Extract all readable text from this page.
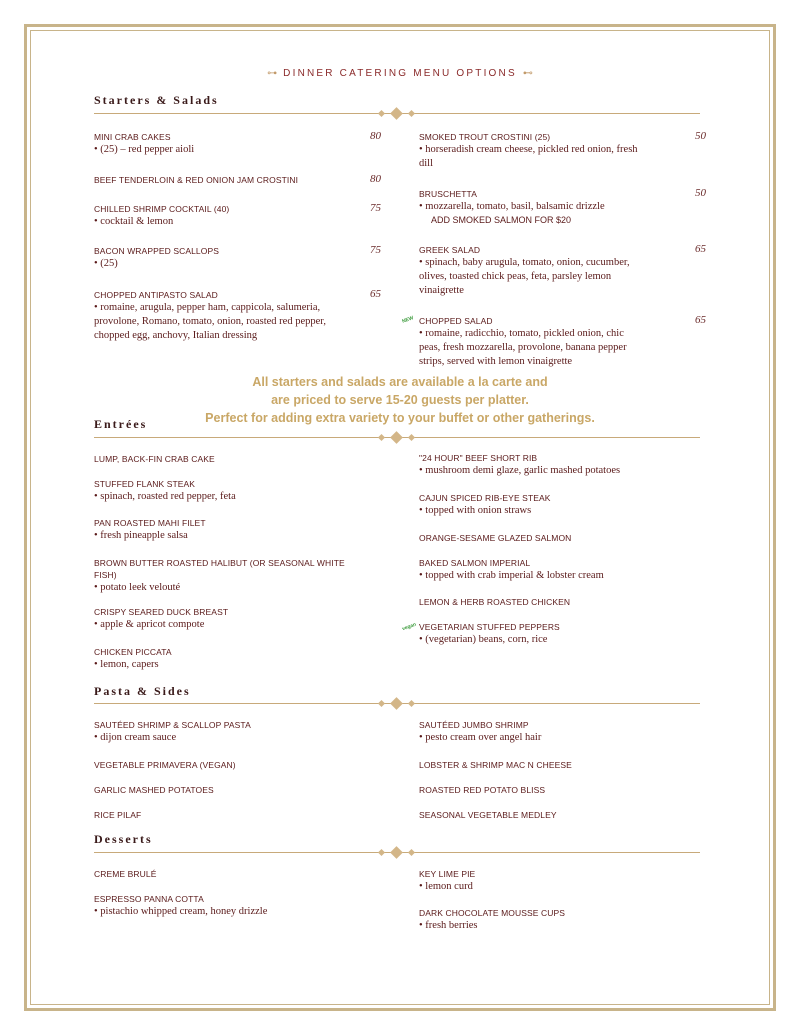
⊶ DINNER CATERING MENU OPTIONS ⊷
Starters & Salads
MINI CRAB CAKES
• (25) – red pepper aioli
80
BEEF TENDERLOIN & RED ONION JAM CROSTINI	80
CHILLED SHRIMP COCKTAIL (40)
• cocktail & lemon
75
BACON WRAPPED SCALLOPS
• (25)
75
CHOPPED ANTIPASTO SALAD
• romaine, arugula, pepper ham, cappicola, salumeria, provolone, Romano, tomato, onion, roasted red pepper, chopped egg, anchovy, Italian dressing
65
SMOKED TROUT CROSTINI (25)
• horseradish cream cheese, pickled red onion, fresh dill
50
BRUSCHETTA
• mozzarella, tomato, basil, balsamic drizzle
ADD SMOKED SALMON FOR $20
50
GREEK SALAD
• spinach, baby arugula, tomato, onion, cucumber, olives, toasted chick peas, feta, parsley lemon vinaigrette
65
NEW CHOPPED SALAD
• romaine, radicchio, tomato, pickled onion, chic peas, fresh mozzarella, provolone, banana pepper strips, served with lemon vinaigrette
65
All starters and salads are available a la carte and
are priced to serve 15-20 guests per platter.
Perfect for adding extra variety to your buffet or other gatherings.
Entrées
LUMP, BACK-FIN CRAB CAKE
STUFFED FLANK STEAK
• spinach, roasted red pepper, feta
PAN ROASTED MAHI FILET
• fresh pineapple salsa
BROWN BUTTER ROASTED HALIBUT (OR SEASONAL WHITE FISH)
• potato leek velouté
CRISPY SEARED DUCK BREAST
• apple & apricot compote
CHICKEN PICCATA
• lemon, capers
"24 HOUR" BEEF SHORT RIB
• mushroom demi glaze, garlic mashed potatoes
CAJUN SPICED RIB-EYE STEAK
• topped with onion straws
ORANGE-SESAME GLAZED SALMON
BAKED SALMON IMPERIAL
• topped with crab imperial & lobster cream
LEMON & HERB ROASTED CHICKEN
vegan VEGETARIAN STUFFED PEPPERS
• (vegetarian) beans, corn, rice
Pasta & Sides
SAUTÉED SHRIMP & SCALLOP PASTA
• dijon cream sauce
VEGETABLE PRIMAVERA (VEGAN)
GARLIC MASHED POTATOES
RICE PILAF
SAUTÉED JUMBO SHRIMP
• pesto cream over angel hair
LOBSTER & SHRIMP MAC N CHEESE
ROASTED RED POTATO BLISS
SEASONAL VEGETABLE MEDLEY
Desserts
CREME BRULÉ
ESPRESSO PANNA COTTA
• pistachio whipped cream, honey drizzle
KEY LIME PIE
• lemon curd
DARK CHOCOLATE MOUSSE CUPS
• fresh berries
